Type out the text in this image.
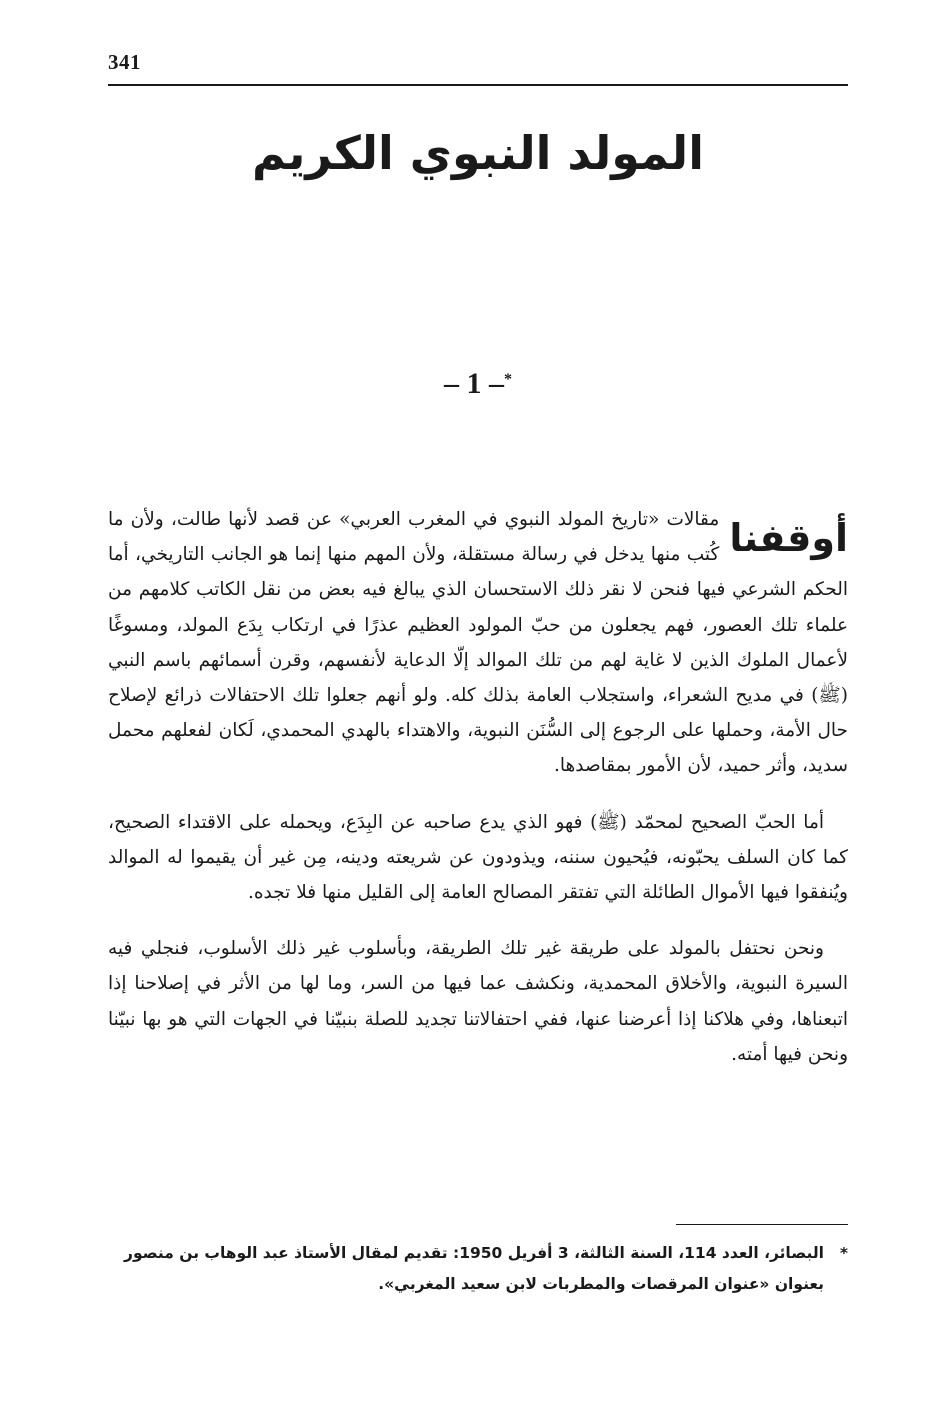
341
المولد النبوي الكريم
– 1 –*

أوقفنا
مقالات «تاريخ المولد النبوي في المغرب العربي» عن قصد لأنها طالت، ولأن ما كُتب منها يدخل في رسالة مستقلة، ولأن المهم منها إنما هو الجانب التاريخي، أما الحكم الشرعي فيها فنحن لا نقر ذلك الاستحسان الذي يبالغ فيه بعض من نقل الكاتب كلامهم من علماء تلك العصور، فهم يجعلون من حبّ المولود العظيم عذرًا في ارتكاب بِدَع المولد، ومسوغًا لأعمال الملوك الذين لا غاية لهم من تلك الموالد إلّا الدعاية لأنفسهم، وقرن أسمائهم باسم النبي (ﷺ) في مديح الشعراء، واستجلاب العامة بذلك كله. ولو أنهم جعلوا تلك الاحتفالات ذرائع لإصلاح حال الأمة، وحملها على الرجوع إلى السُّنَن النبوية، والاهتداء بالهدي المحمدي، لَكان لفعلهم محمل سديد، وأثر حميد، لأن الأمور بمقاصدها.

أما الحبّ الصحيح لمحمّد (ﷺ) فهو الذي يدع صاحبه عن البِدَع، ويحمله على الاقتداء الصحيح، كما كان السلف يحبّونه، فيُحيون سننه، ويذودون عن شريعته ودينه، مِن غير أن يقيموا له الموالد ويُنفقوا فيها الأموال الطائلة التي تفتقر المصالح العامة إلى القليل منها فلا تجده.

ونحن نحتفل بالمولد على طريقة غير تلك الطريقة، وبأسلوب غير ذلك الأسلوب، فنجلي فيه السيرة النبوية، والأخلاق المحمدية، ونكشف عما فيها من السر، وما لها من الأثر في إصلاحنا إذا اتبعناها، وفي هلاكنا إذا أعرضنا عنها، ففي احتفالاتنا تجديد للصلة بنبيّنا في الجهات التي هو بها نبيّنا ونحن فيها أمته.

*البصائر، العدد 114، السنة الثالثة، 3 أفريل 1950: تقديم لمقال الأستاذ عبد الوهاب بن منصور
بعنوان «عنوان المرقصات والمطربات لابن سعيد المغربي».
